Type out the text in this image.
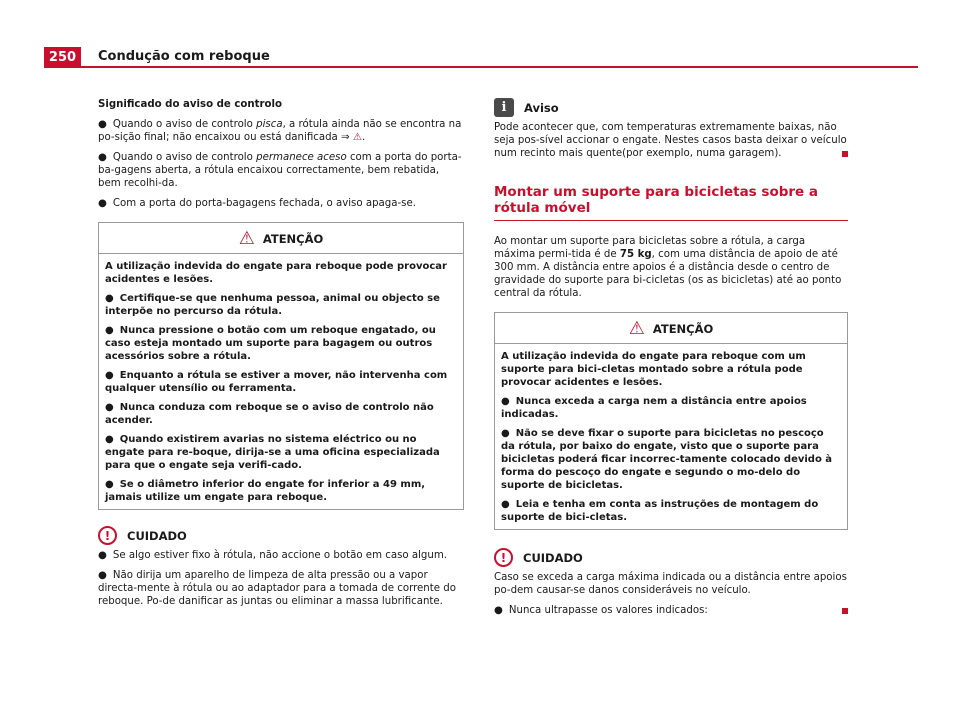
250	Condução com reboque

Significado do aviso de controlo

● Quando o aviso de controlo pisca, a rótula ainda não se encontra na po-sição final; não encaixou ou está danificada ⇒ ⚠.

● Quando o aviso de controlo permanece aceso com a porta do porta-ba-gagens aberta, a rótula encaixou correctamente, bem rebatida, bem recolhi-da.

● Com a porta do porta-bagagens fechada, o aviso apaga-se.

⚠ ATENÇÃO

A utilização indevida do engate para reboque pode provocar acidentes e lesões.

● Certifique-se que nenhuma pessoa, animal ou objecto se interpõe no percurso da rótula.

● Nunca pressione o botão com um reboque engatado, ou caso esteja montado um suporte para bagagem ou outros acessórios sobre a rótula.

● Enquanto a rótula se estiver a mover, não intervenha com qualquer utensílio ou ferramenta.

● Nunca conduza com reboque se o aviso de controlo não acender.

● Quando existirem avarias no sistema eléctrico ou no engate para re-boque, dirija-se a uma oficina especializada para que o engate seja verifi-cado.

● Se o diâmetro inferior do engate for inferior a 49 mm, jamais utilize um engate para reboque.

!	CUIDADO

● Se algo estiver fixo à rótula, não accione o botão em caso algum.

● Não dirija um aparelho de limpeza de alta pressão ou a vapor directa-mente à rótula ou ao adaptador para a tomada de corrente do reboque. Po-de danificar as juntas ou eliminar a massa lubrificante.

i	Aviso

Pode acontecer que, com temperaturas extremamente baixas, não seja pos-sível accionar o engate. Nestes casos basta deixar o veículo num recinto mais quente(por exemplo, numa garagem).

Montar um suporte para bicicletas sobre a rótula móvel

Ao montar um suporte para bicicletas sobre a rótula, a carga máxima permi-tida é de 75 kg, com uma distância de apoio de até 300 mm. A distância entre apoios é a distância desde o centro de gravidade do suporte para bi-cicletas (os as bicicletas) até ao ponto central da rótula.

⚠ ATENÇÃO

A utilização indevida do engate para reboque com um suporte para bici-cletas montado sobre a rótula pode provocar acidentes e lesões.

● Nunca exceda a carga nem a distância entre apoios indicadas.

● Não se deve fixar o suporte para bicicletas no pescoço da rótula, por baixo do engate, visto que o suporte para bicicletas poderá ficar incorrec-tamente colocado devido à forma do pescoço do engate e segundo o mo-delo do suporte de bicicletas.

● Leia e tenha em conta as instruções de montagem do suporte de bici-cletas.

!	CUIDADO

Caso se exceda a carga máxima indicada ou a distância entre apoios po-dem causar-se danos consideráveis no veículo.

● Nunca ultrapasse os valores indicados:
